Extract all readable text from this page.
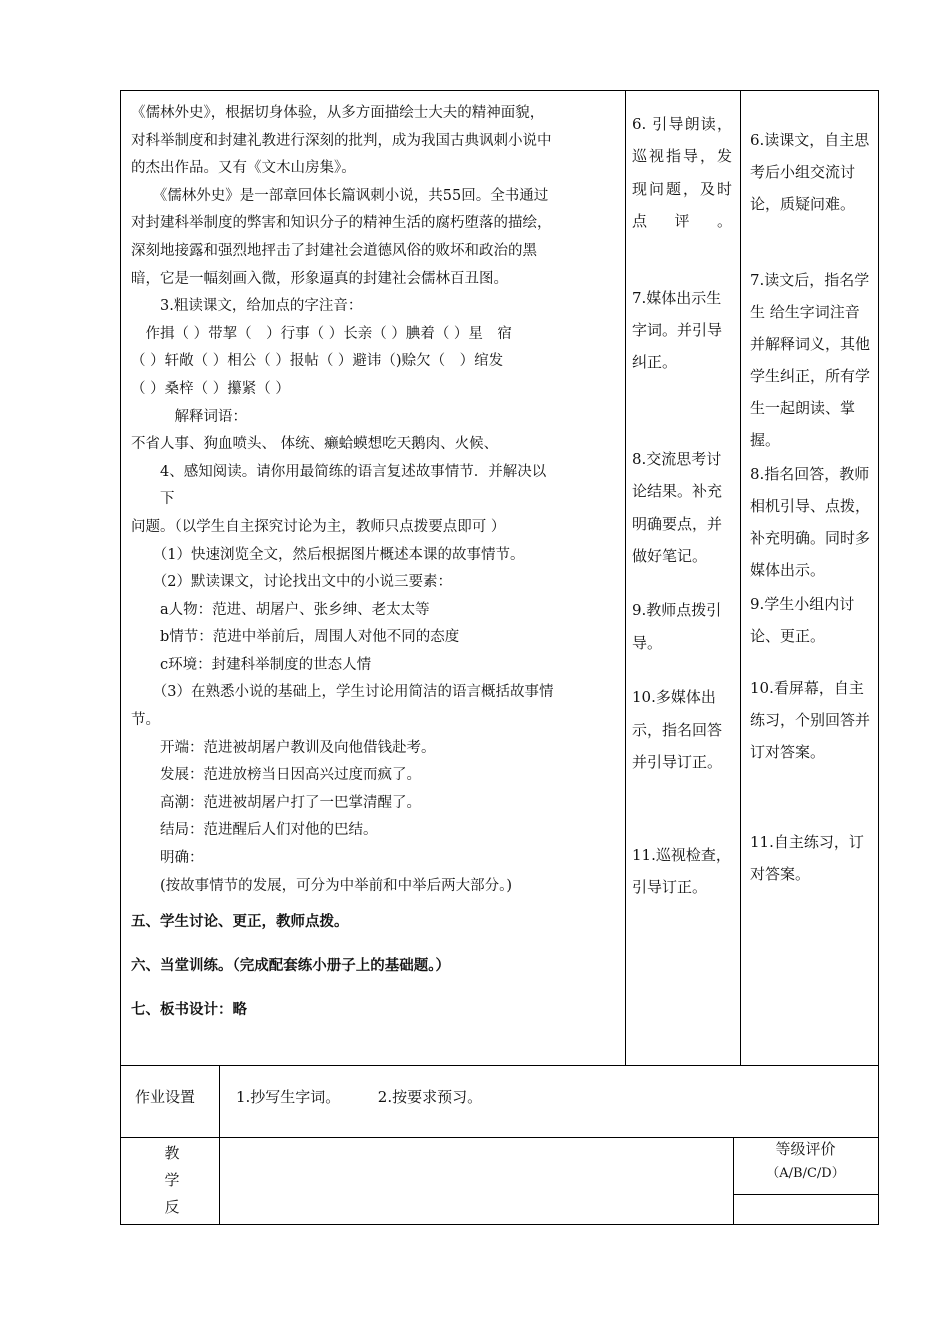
《儒林外史》，根据切身体验，从多方面描绘士大夫的精神面貌，
对科举制度和封建礼教进行深刻的批判，成为我国古典讽刺小说中
的杰出作品。又有《文木山房集》。
　　《儒林外史》是一部章回体长篇讽刺小说，共55回。全书通过
对封建科举制度的弊害和知识分子的精神生活的腐朽堕落的描绘，
深刻地接露和强烈地抨击了封建社会道德风俗的败坏和政治的黑
暗，它是一幅刻画入微，形象逼真的封建社会儒林百丑图。
　　3.粗读课文，给加点的字注音：
　作揖（ ）带挈（　）行事（ ）长亲（ ）腆着（ ）星　宿
（ ）轩敞（ ）相公（ ）报帖（ ）避讳（)赊欠（　）绾发
（ ）桑梓（ ）攥紧（ ）
　　　解释词语：
不省人事、狗血喷头、 体统、癞蛤蟆想吃天鹅肉、火候、
　　4、感知阅读。请你用最简练的语言复述故事情节．并解决以
　　下
问题。（以学生自主探究讨论为主，教师只点拨要点即可 ）
　　（1）快速浏览全文，然后根据图片概述本课的故事情节。
　　（2）默读课文，讨论找出文中的小说三要素：
　　a人物：范进、胡屠户、张乡绅、老太太等
　　b情节：范进中举前后，周围人对他不同的态度
　　c环境：封建科举制度的世态人情
　　（3）在熟悉小说的基础上，学生讨论用简洁的语言概括故事情
节。
　　开端：范进被胡屠户教训及向他借钱赴考。
　　发展：范进放榜当日因高兴过度而疯了。
　　高潮：范进被胡屠户打了一巴掌清醒了。
　　结局：范进醒后人们对他的巴结。
　　明确：
　　(按故事情节的发展，可分为中举前和中举后两大部分。)
五、学生讨论、更正，教师点拨。
六、当堂训练。（完成配套练小册子上的基础题。）
七、板书设计：略

6. 引导朗读，巡视指导，发现问题，及时点评。

7.媒体出示生字词。并引导纠正。

8.交流思考讨论结果。补充明确要点，并做好笔记。

9.教师点拨引导。

10.多媒体出示，指名回答并引导订正。

11.巡视检查，引导订正。

6.读课文，自主思考后小组交流讨论，质疑问难。

7.读文后，指名学生 给生字词注音并解释词义，其他学生纠正，所有学生一起朗读、掌握。

8.指名回答，教师相机引导、点拨，补充明确。同时多媒体出示。

9.学生小组内讨论、更正。

10.看屏幕，自主练习，个别回答并订对答案。

11.自主练习，订对答案。

作业设置	1.抄写生字词。　　　2.按要求预习。
教
学
反
等级评价
（A/B/C/D）
